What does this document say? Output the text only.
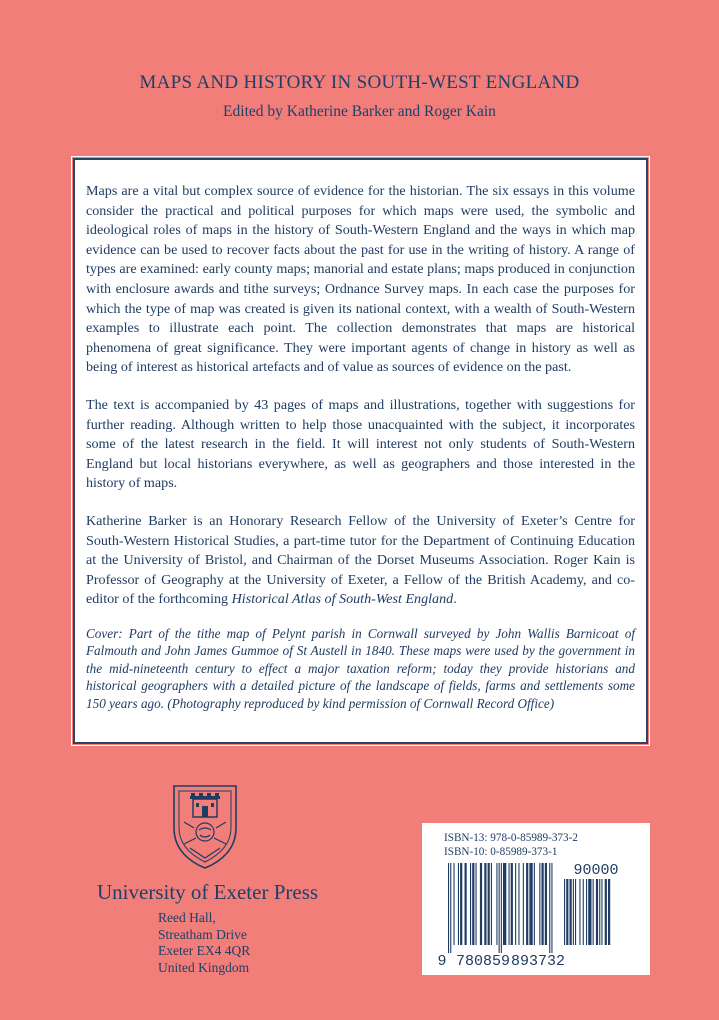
MAPS AND HISTORY IN SOUTH-WEST ENGLAND
Edited by Katherine Barker and Roger Kain

Maps are a vital but complex source of evidence for the historian. The six essays in this volume consider the practical and political purposes for which maps were used, the symbolic and ideological roles of maps in the history of South-Western England and the ways in which map evidence can be used to recover facts about the past for use in the writing of history. A range of types are examined: early county maps; manorial and estate plans; maps produced in conjunction with enclosure awards and tithe surveys; Ordnance Survey maps. In each case the purposes for which the type of map was created is given its national context, with a wealth of South-Western examples to illustrate each point. The collection demonstrates that maps are historical phenomena of great significance. They were important agents of change in history as well as being of interest as historical artefacts and of value as sources of evidence on the past.

The text is accompanied by 43 pages of maps and illustrations, together with suggestions for further reading. Although written to help those unacquainted with the subject, it incorporates some of the latest research in the field. It will interest not only students of South-Western England but local historians everywhere, as well as geographers and those interested in the history of maps.

Katherine Barker is an Honorary Research Fellow of the University of Exeter’s Centre for South-Western Historical Studies, a part-time tutor for the Department of Continuing Education at the University of Bristol, and Chairman of the Dorset Museums Association. Roger Kain is Professor of Geography at the University of Exeter, a Fellow of the British Academy, and co-editor of the forthcoming Historical Atlas of South-West England.

Cover: Part of the tithe map of Pelynt parish in Cornwall surveyed by John Wallis Barnicoat of Falmouth and John James Gummoe of St Austell in 1840. These maps were used by the government in the mid-nineteenth century to effect a major taxation reform; today they provide historians and historical geographers with a detailed picture of the landscape of fields, farms and settlements some 150 years ago. (Photography reproduced by kind permission of Cornwall Record Office)

University of Exeter Press
Reed Hall,
Streatham Drive
Exeter EX4 4QR
United Kingdom
ISBN-13: 978-0-85989-373-2
ISBN-10: 0-85989-373-1
90000
9 780859 893732
